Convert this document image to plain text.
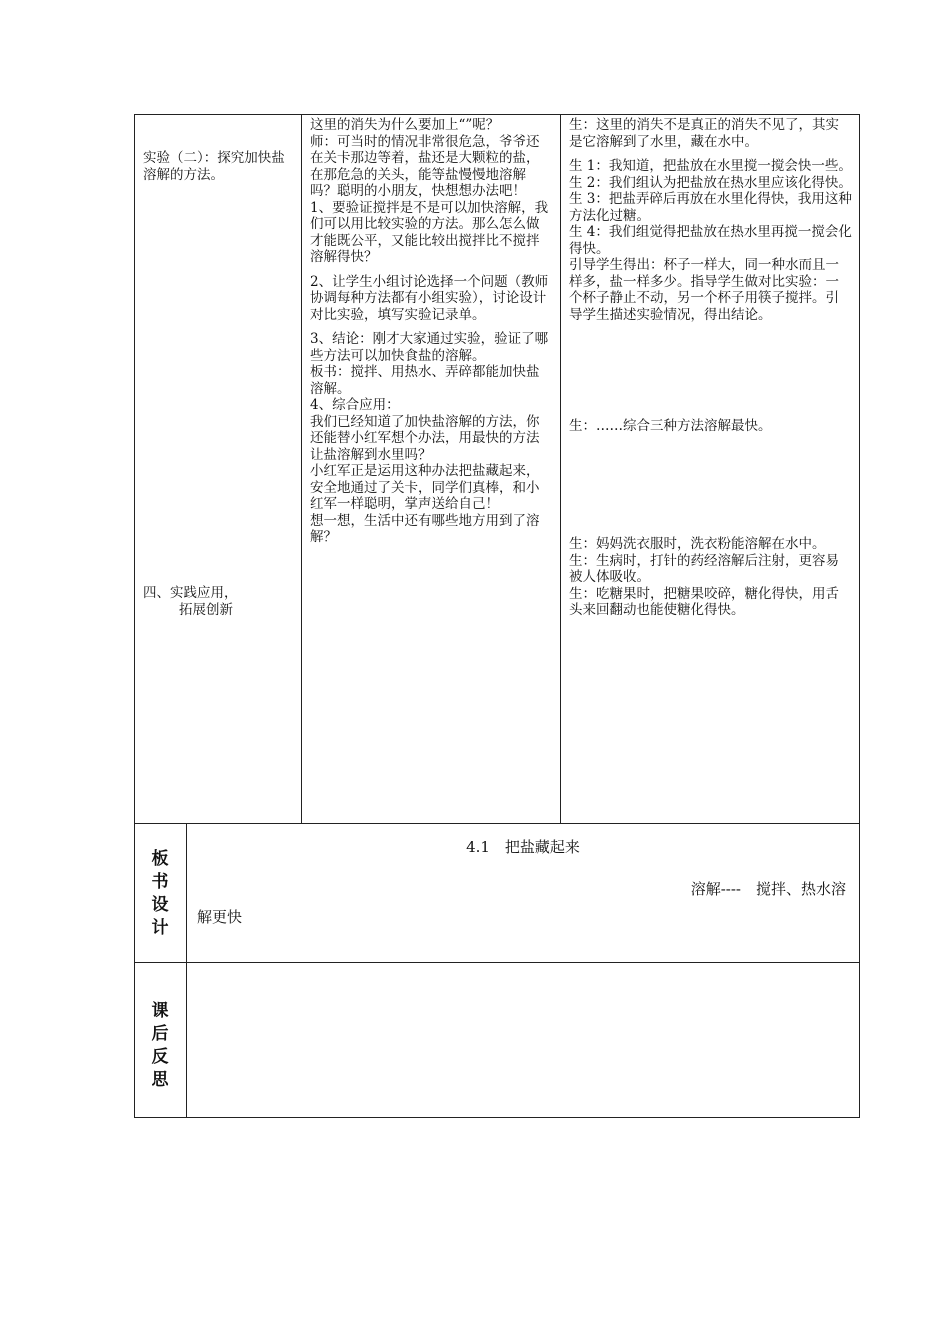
实验（二）：探究加快盐溶解的方法。

四、实践应用，

拓展创新

这里的消失为什么要加上“”呢？

师：可当时的情况非常很危急，爷爷还在关卡那边等着，盐还是大颗粒的盐，在那危急的关头，能等盐慢慢地溶解吗？聪明的小朋友，快想想办法吧！

1、要验证搅拌是不是可以加快溶解，我们可以用比较实验的方法。那么怎么做才能既公平，又能比较出搅拌比不搅拌溶解得快？

2、让学生小组讨论选择一个问题（教师协调每种方法都有小组实验），讨论设计对比实验，填写实验记录单。

3、结论：刚才大家通过实验，验证了哪些方法可以加快食盐的溶解。

板书：搅拌、用热水、弄碎都能加快盐溶解。

4、综合应用：

我们已经知道了加快盐溶解的方法，你还能替小红军想个办法，用最快的方法让盐溶解到水里吗？

小红军正是运用这种办法把盐藏起来，安全地通过了关卡，同学们真棒，和小红军一样聪明，掌声送给自己！

想一想，生活中还有哪些地方用到了溶解？

生：这里的消失不是真正的消失不见了，其实是它溶解到了水里，藏在水中。

生 1：我知道，把盐放在水里搅一搅会快一些。

生 2：我们组认为把盐放在热水里应该化得快。

生 3：把盐弄碎后再放在水里化得快，我用这种方法化过糖。

生 4：我们组觉得把盐放在热水里再搅一搅会化得快。

引导学生得出：杯子一样大，同一种水而且一样多，盐一样多少。指导学生做对比实验：一个杯子静止不动，另一个杯子用筷子搅拌。引导学生描述实验情况，得出结论。

生：……综合三种方法溶解最快。

生：妈妈洗衣服时，洗衣粉能溶解在水中。

生：生病时，打针的药经溶解后注射，更容易被人体吸收。

生：吃糖果时，把糖果咬碎，糖化得快，用舌头来回翻动也能使糖化得快。

板
书
设
计
4.1　把盐藏起来
溶解----　搅拌、热水溶
解更快
课
后
反
思
